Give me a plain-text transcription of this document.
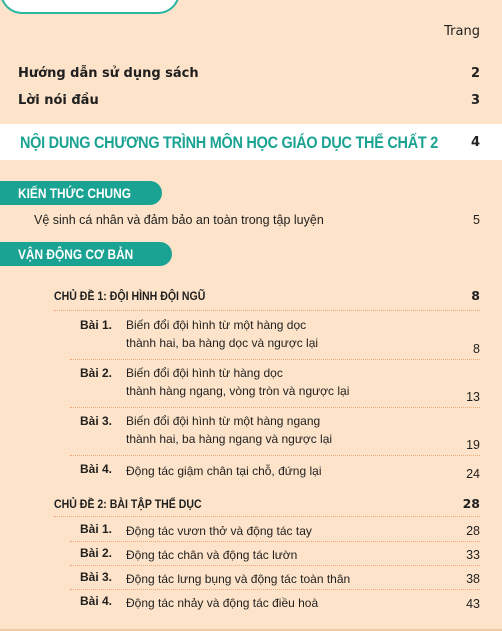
Trang
Hướng dẫn sử dụng sách	2
Lời nói đầu	3
NỘI DUNG CHƯƠNG TRÌNH MÔN HỌC GIÁO DỤC THỂ CHẤT 2	4
KIẾN THỨC CHUNG
Vệ sinh cá nhân và đảm bảo an toàn trong tập luyện	5
VẬN ĐỘNG CƠ BẢN
CHỦ ĐỀ 1: ĐỘI HÌNH ĐỘI NGŨ	8
Bài 1.	Biến đổi đội hình từ một hàng dọc
thành hai, ba hàng dọc và ngược lại	8
Bài 2.	Biến đổi đội hình từ hàng dọc
thành hàng ngang, vòng tròn và ngược lại	13
Bài 3.	Biến đổi đội hình từ một hàng ngang
thành hai, ba hàng ngang và ngược lại	19
Bài 4.	Động tác giậm chân tại chỗ, đứng lại	24
CHỦ ĐỀ 2: BÀI TẬP THỂ DỤC	28
Bài 1.	Động tác vươn thở và động tác tay	28
Bài 2.	Động tác chân và động tác lườn	33
Bài 3.	Động tác lưng bụng và động tác toàn thân	38
Bài 4.	Động tác nhảy và động tác điều hoà	43
